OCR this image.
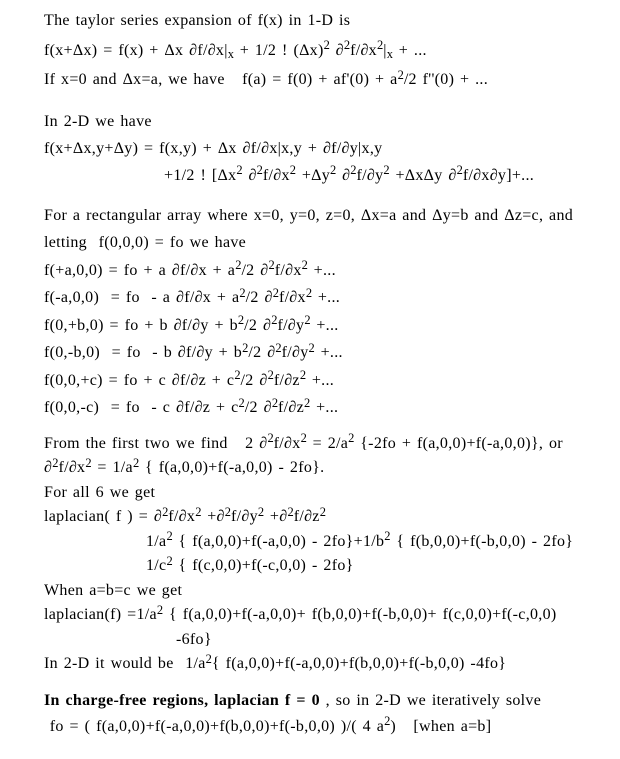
The taylor series expansion of f(x) in 1-D is
f(x+Δx) = f(x) + Δx $\partial f/\partial x|_x + 1/2$ ! $(\Delta x)^2$ $\partial^2f/\partial x^2|_x$ + ...
If x=0 and Δx=a, we have   $f(a) = f(0) + af'(0) + a^2/2$ f''(0) + ...
In 2-D we have
f(x+Δx,y+Δy) = f(x,y) + Δx ∂f/∂x|x,y + ∂f/∂y|x,y
+1/2 ! [$\Delta x^2$ $\partial^2f/\partial x^2 +\Delta y^2$ $\partial^2f/\partial y^2 +\Delta x\Delta y$ ∂$^2$f/∂x∂y]+...
For a rectangular array where x=0, y=0, z=0, Δx=a and Δy=b and Δz=c, and
letting  f(0,0,0) = fo we have
f(+a,0,0) = fo + a $\partial f/\partial x + a^2/2$ $\partial^2f/\partial x^2$ +...
f(-a,0,0)  = fo  - a $\partial f/\partial x + a^2/2$ $\partial^2f/\partial x^2$ +...
f(0,+b,0) = fo + b $\partial f/\partial y + b^2/2$ $\partial^2f/\partial y^2$ +...
f(0,-b,0)  = fo  - b $\partial f/\partial y + b^2/2$ $\partial^2f/\partial y^2$ +...
f(0,0,+c) = fo + c $\partial f/\partial z + c^2/2$ $\partial^2f/\partial z^2$ +...
f(0,0,-c)  = fo  - c $\partial f/\partial z + c^2/2$ $\partial^2f/\partial z^2$ +...
From the first two we find   2 $\partial^2f/\partial x^2 = 2/a^2$ {-2fo + f(a,0,0)+f(-a,0,0)}, or
$\partial^2f/\partial x^2 = 1/a^2$ { f(a,0,0)+f(-a,0,0) - 2fo}.
For all 6 we get
laplacian( f ) = $\partial^2f/\partial x^2 +\partial^2f/\partial y^2 +\partial^2f/\partial z^2$
$1/a^2$ { $f(a,0,0)+f(-a,0,0) - 2fo\}+1/b^2$ { f(b,0,0)+f(-b,0,0) - 2fo}
$1/c^2$ { f(c,0,0)+f(-c,0,0) - 2fo}
When a=b=c we get
laplacian(f) $=1/a^2$ { f(a,0,0)+f(-a,0,0)+ f(b,0,0)+f(-b,0,0)+ f(c,0,0)+f(-c,0,0)
-6fo}
In 2-D it would be  $1/a^2${ f(a,0,0)+f(-a,0,0)+f(b,0,0)+f(-b,0,0) -4fo}
In charge-free regions, laplacian f = 0 , so in 2-D we iteratively solve
fo = ( f(a,0,0)+f(-a,0,0)+f(b,0,0)+f(-b,0,0) )/( 4 $a^2$)   [when a=b]
